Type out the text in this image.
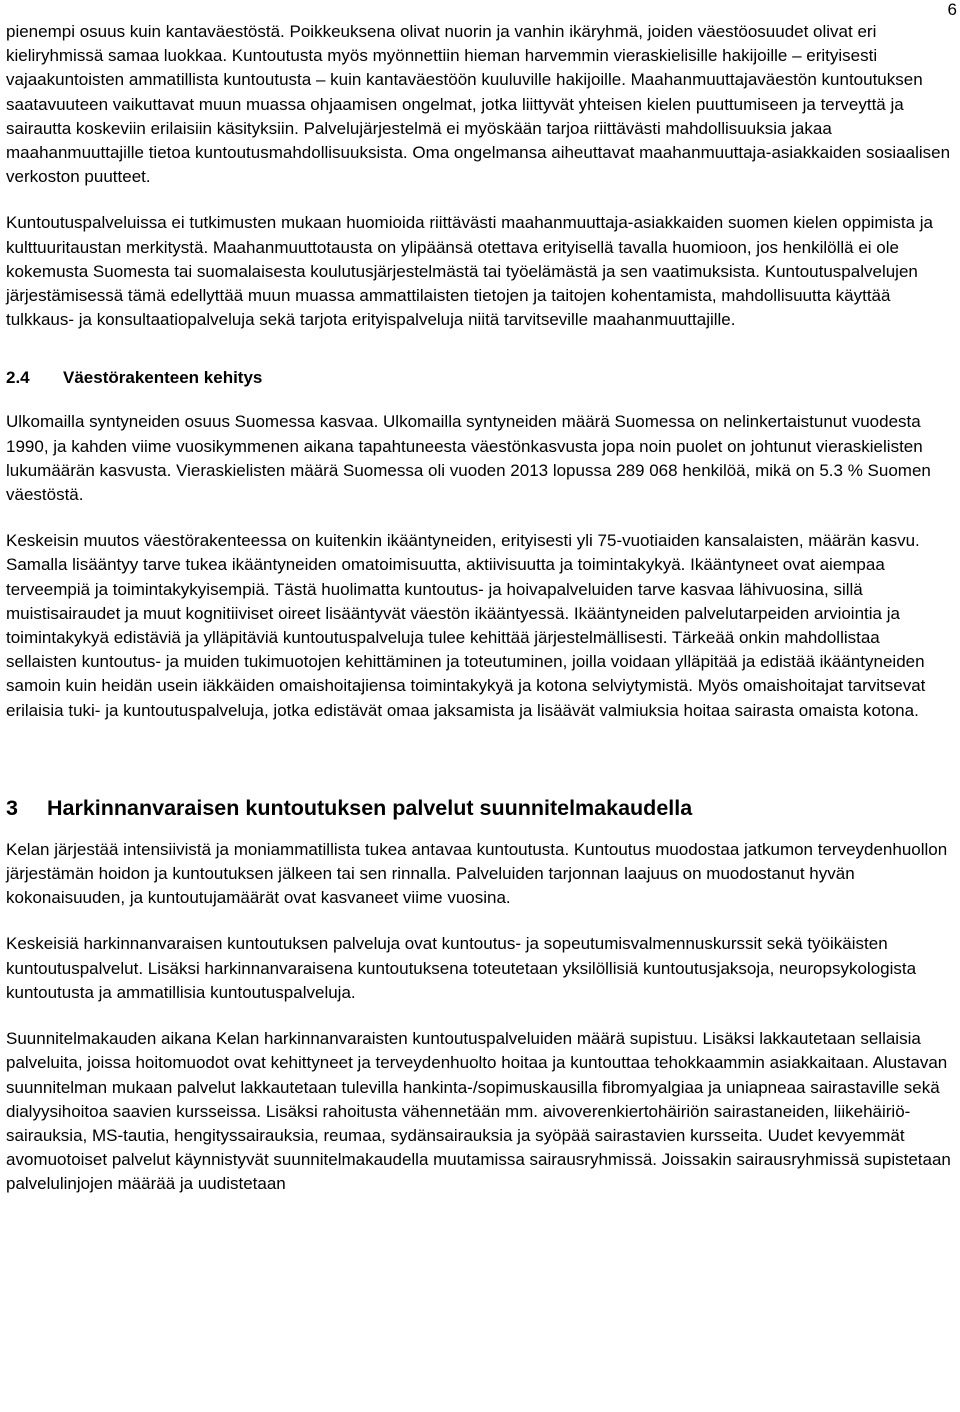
6

pienempi osuus kuin kantaväestöstä. Poikkeuksena olivat nuorin ja vanhin ikäryhmä, joiden väestöosuudet olivat eri kieliryhmissä samaa luokkaa. Kuntoutusta myös myönnettiin hieman harvemmin vieraskielisille hakijoille – erityisesti vajaakuntoisten ammatillista kuntoutusta – kuin kantaväestöön kuuluville hakijoille. Maahanmuuttajaväestön kuntoutuksen saatavuuteen vaikuttavat muun muassa ohjaamisen ongelmat, jotka liittyvät yhteisen kielen puuttumiseen ja terveyttä ja sairautta koskeviin erilaisiin käsityksiin. Palvelujärjestelmä ei myöskään tarjoa riittävästi mahdollisuuksia jakaa maahanmuuttajille tietoa kuntoutusmahdollisuuksista. Oma ongelmansa aiheuttavat maahanmuuttaja-asiakkaiden sosiaalisen verkoston puutteet.

Kuntoutuspalveluissa ei tutkimusten mukaan huomioida riittävästi maahanmuuttaja-asiakkaiden suomen kielen oppimista ja kulttuuritaustan merkitystä. Maahanmuuttotausta on ylipäänsä otettava erityisellä tavalla huomioon, jos henkilöllä ei ole kokemusta Suomesta tai suomalaisesta koulutusjärjestelmästä tai työelämästä ja sen vaatimuksista. Kuntoutuspalvelujen järjestämisessä tämä edellyttää muun muassa ammattilaisten tietojen ja taitojen kohentamista, mahdollisuutta käyttää tulkkaus- ja konsultaatiopalveluja sekä tarjota erityispalveluja niitä tarvitseville maahanmuuttajille.

2.4 Väestörakenteen kehitys

Ulkomailla syntyneiden osuus Suomessa kasvaa. Ulkomailla syntyneiden määrä Suomessa on nelinkertaistunut vuodesta 1990, ja kahden viime vuosikymmenen aikana tapahtuneesta väestönkasvusta jopa noin puolet on johtunut vieraskielisten lukumäärän kasvusta. Vieraskielisten määrä Suomessa oli vuoden 2013 lopussa 289 068 henkilöä, mikä on 5.3 % Suomen väestöstä.

Keskeisin muutos väestörakenteessa on kuitenkin ikääntyneiden, erityisesti yli 75-vuotiaiden kansalaisten, määrän kasvu. Samalla lisääntyy tarve tukea ikääntyneiden omatoimisuutta, aktiivisuutta ja toimintakykyä. Ikääntyneet ovat aiempaa terveempiä ja toimintakykyisempiä. Tästä huolimatta kuntoutus- ja hoivapalveluiden tarve kasvaa lähivuosina, sillä muistisairaudet ja muut kognitiiviset oireet lisääntyvät väestön ikääntyessä. Ikääntyneiden palvelutarpeiden arviointia ja toimintakykyä edistäviä ja ylläpitäviä kuntoutuspalveluja tulee kehittää järjestelmällisesti. Tärkeää onkin mahdollistaa sellaisten kuntoutus- ja muiden tukimuotojen kehittäminen ja toteutuminen, joilla voidaan ylläpitää ja edistää ikääntyneiden samoin kuin heidän usein iäkkäiden omaishoitajiensa toimintakykyä ja kotona selviytymistä. Myös omaishoitajat tarvitsevat erilaisia tuki- ja kuntoutuspalveluja, jotka edistävät omaa jaksamista ja lisäävät valmiuksia hoitaa sairasta omaista kotona.

3 Harkinnanvaraisen kuntoutuksen palvelut suunnitelmakaudella

Kelan järjestää intensiivistä ja moniammatillista tukea antavaa kuntoutusta. Kuntoutus muodostaa jatkumon terveydenhuollon järjestämän hoidon ja kuntoutuksen jälkeen tai sen rinnalla. Palveluiden tarjonnan laajuus on muodostanut hyvän kokonaisuuden, ja kuntoutujamäärät ovat kasvaneet viime vuosina.

Keskeisiä harkinnanvaraisen kuntoutuksen palveluja ovat kuntoutus- ja sopeutumisvalmennuskurssit sekä työikäisten kuntoutuspalvelut. Lisäksi harkinnanvaraisena kuntoutuksena toteutetaan yksilöllisiä kuntoutusjaksoja, neuropsykologista kuntoutusta ja ammatillisia kuntoutuspalveluja.

Suunnitelmakauden aikana Kelan harkinnanvaraisten kuntoutuspalveluiden määrä supistuu. Lisäksi lakkautetaan sellaisia palveluita, joissa hoitomuodot ovat kehittyneet ja terveydenhuolto hoitaa ja kuntouttaa tehokkaammin asiakkaitaan. Alustavan suunnitelman mukaan palvelut lakkautetaan tulevilla hankinta-/sopimuskausilla fibromyalgiaa ja uniapneaa sairastaville sekä dialyysihoitoa saavien kursseissa. Lisäksi rahoitusta vähennetään mm. aivoverenkiertohäiriön sairastaneiden, liikehäiriösairauksia, MS-tautia, hengityssairauksia, reumaa, sydänsairauksia ja syöpää sairastavien kursseita. Uudet kevyemmät avomuotoiset palvelut käynnistyvät suunnitelmakaudella muutamissa sairausryhmissä. Joissakin sairausryhmissä supistetaan palvelulinjojen määrää ja uudistetaan
